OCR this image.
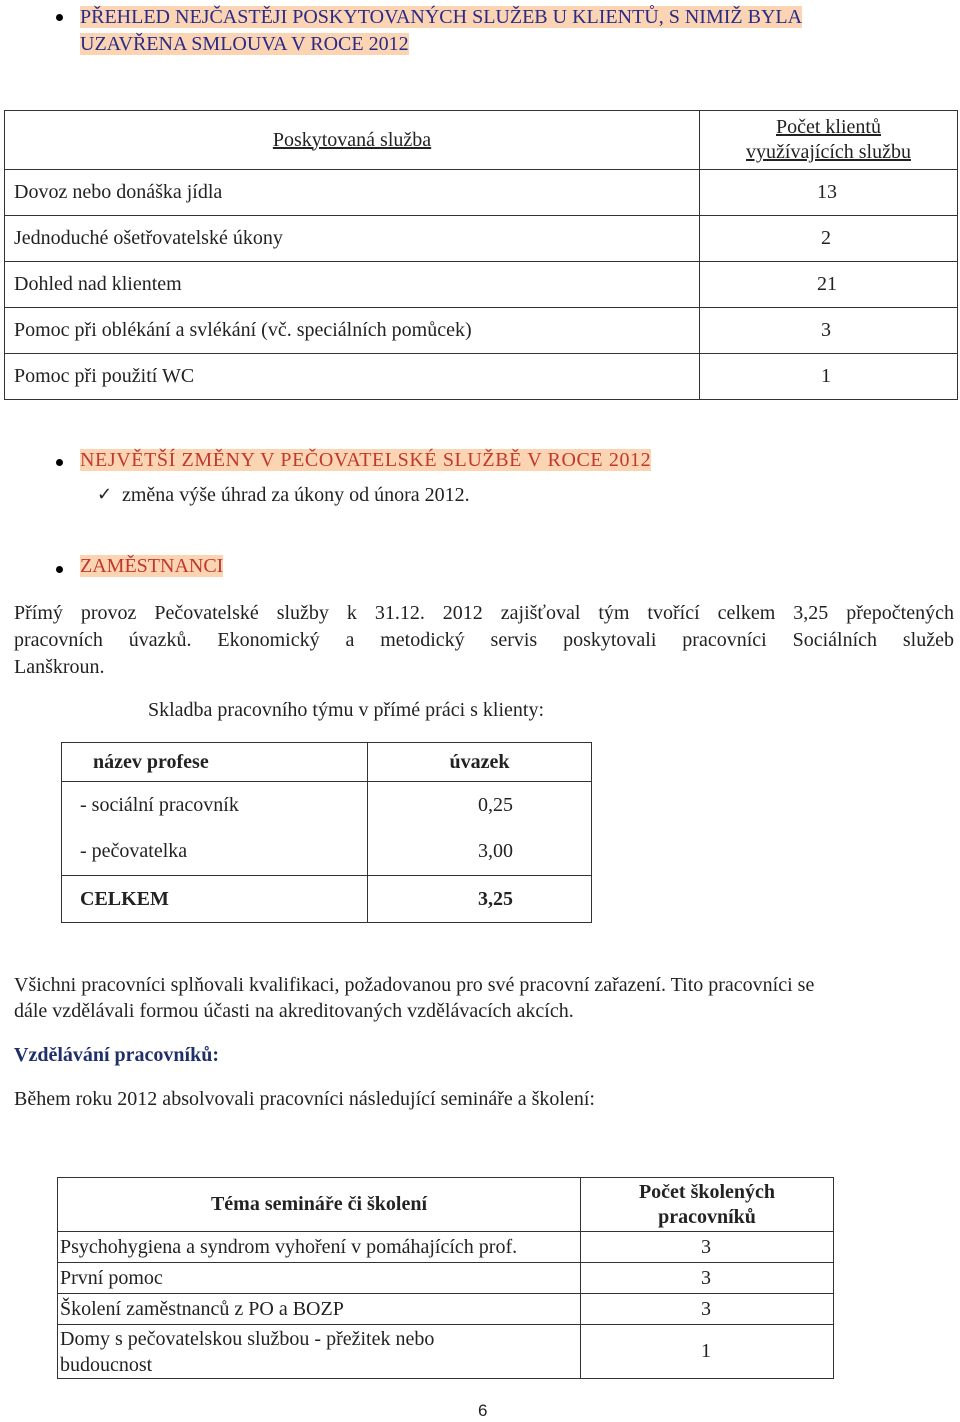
PŘEHLED NEJČASTĚJI POSKYTOVANÝCH SLUŽEB U KLIENTŮ, S NIMIŽ BYLA
UZAVŘENA SMLOUVA V ROCE 2012
Poskytovaná služba	Počet klientů
využívajících službu
Dovoz nebo donáška jídla	13
Jednoduché ošetřovatelské úkony	2
Dohled nad klientem	21
Pomoc při oblékání a svlékání (vč. speciálních pomůcek)	3
Pomoc při použití WC	1
NEJVĚTŠÍ ZMĚNY V PEČOVATELSKÉ SLUŽBĚ V ROCE 2012
✓ změna výše úhrad za úkony od února 2012.
ZAMĚSTNANCI
Přímý provoz Pečovatelské služby k 31.12. 2012 zajišťoval tým tvořící celkem 3,25 přepočtených
pracovních úvazků. Ekonomický a metodický servis poskytovali pracovníci Sociálních služeb
Lanškroun.
Skladba pracovního týmu v přímé práci s klienty:
název profese	úvazek
- sociální pracovník	0,25
- pečovatelka	3,00
CELKEM	3,25
Všichni pracovníci splňovali kvalifikaci, požadovanou pro své pracovní zařazení. Tito pracovníci se
dále vzdělávali formou účasti na akreditovaných vzdělávacích akcích.
Vzdělávání pracovníků:
Během roku 2012 absolvovali pracovníci následující semináře a školení:
Téma semináře či školení	Počet školených
pracovníků
Psychohygiena a syndrom vyhoření v pomáhajících prof.	3
První pomoc	3
Školení zaměstnanců z PO a BOZP	3
Domy s pečovatelskou službou - přežitek nebo
budoucnost	1
6
